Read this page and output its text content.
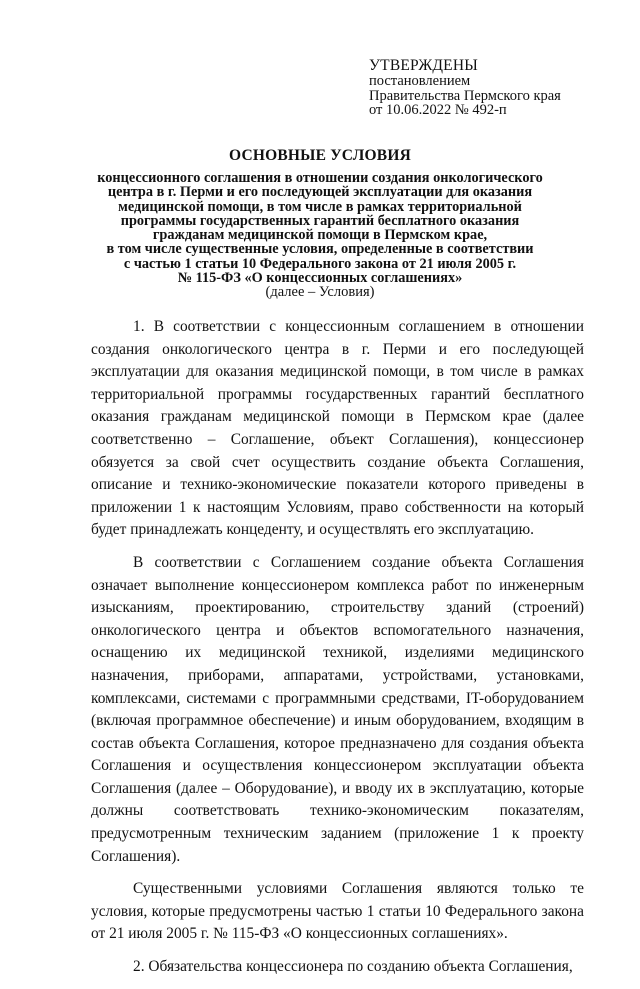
УТВЕРЖДЕНЫ
постановлением
Правительства Пермского края
от 10.06.2022 № 492-п
ОСНОВНЫЕ УСЛОВИЯ
концессионного соглашения в отношении создания онкологического
центра в г. Перми и его последующей эксплуатации для оказания
медицинской помощи, в том числе в рамках территориальной
программы государственных гарантий бесплатного оказания
гражданам медицинской помощи в Пермском крае,
в том числе существенные условия, определенные в соответствии
с частью 1 статьи 10 Федерального закона от 21 июля 2005 г.
№ 115-ФЗ «О концессионных соглашениях»
(далее – Условия)

1. В соответствии с концессионным соглашением в отношении создания онкологического центра в г. Перми и его последующей эксплуатации для оказания медицинской помощи, в том числе в рамках территориальной программы государственных гарантий бесплатного оказания гражданам медицинской помощи в Пермском крае (далее соответственно – Соглашение, объект Соглашения), концессионер обязуется за свой счет осуществить создание объекта Соглашения, описание и технико-экономические показатели которого приведены в приложении 1 к настоящим Условиям, право собственности на который будет принадлежать концеденту, и осуществлять его эксплуатацию.

В соответствии с Соглашением создание объекта Соглашения означает выполнение концессионером комплекса работ по инженерным изысканиям, проектированию, строительству зданий (строений) онкологического центра и объектов вспомогательного назначения, оснащению их медицинской техникой, изделиями медицинского назначения, приборами, аппаратами, устройствами, установками, комплексами, системами с программными средствами, IT-оборудованием (включая программное обеспечение) и иным оборудованием, входящим в состав объекта Соглашения, которое предназначено для создания объекта Соглашения и осуществления концессионером эксплуатации объекта Соглашения (далее – Оборудование), и вводу их в эксплуатацию, которые должны соответствовать технико-экономическим показателям, предусмотренным техническим заданием (приложение 1 к проекту Соглашения).

Существенными условиями Соглашения являются только те условия, которые предусмотрены частью 1 статьи 10 Федерального закона от 21 июля 2005 г. № 115-ФЗ «О концессионных соглашениях».

2. Обязательства концессионера по созданию объекта Соглашения,
